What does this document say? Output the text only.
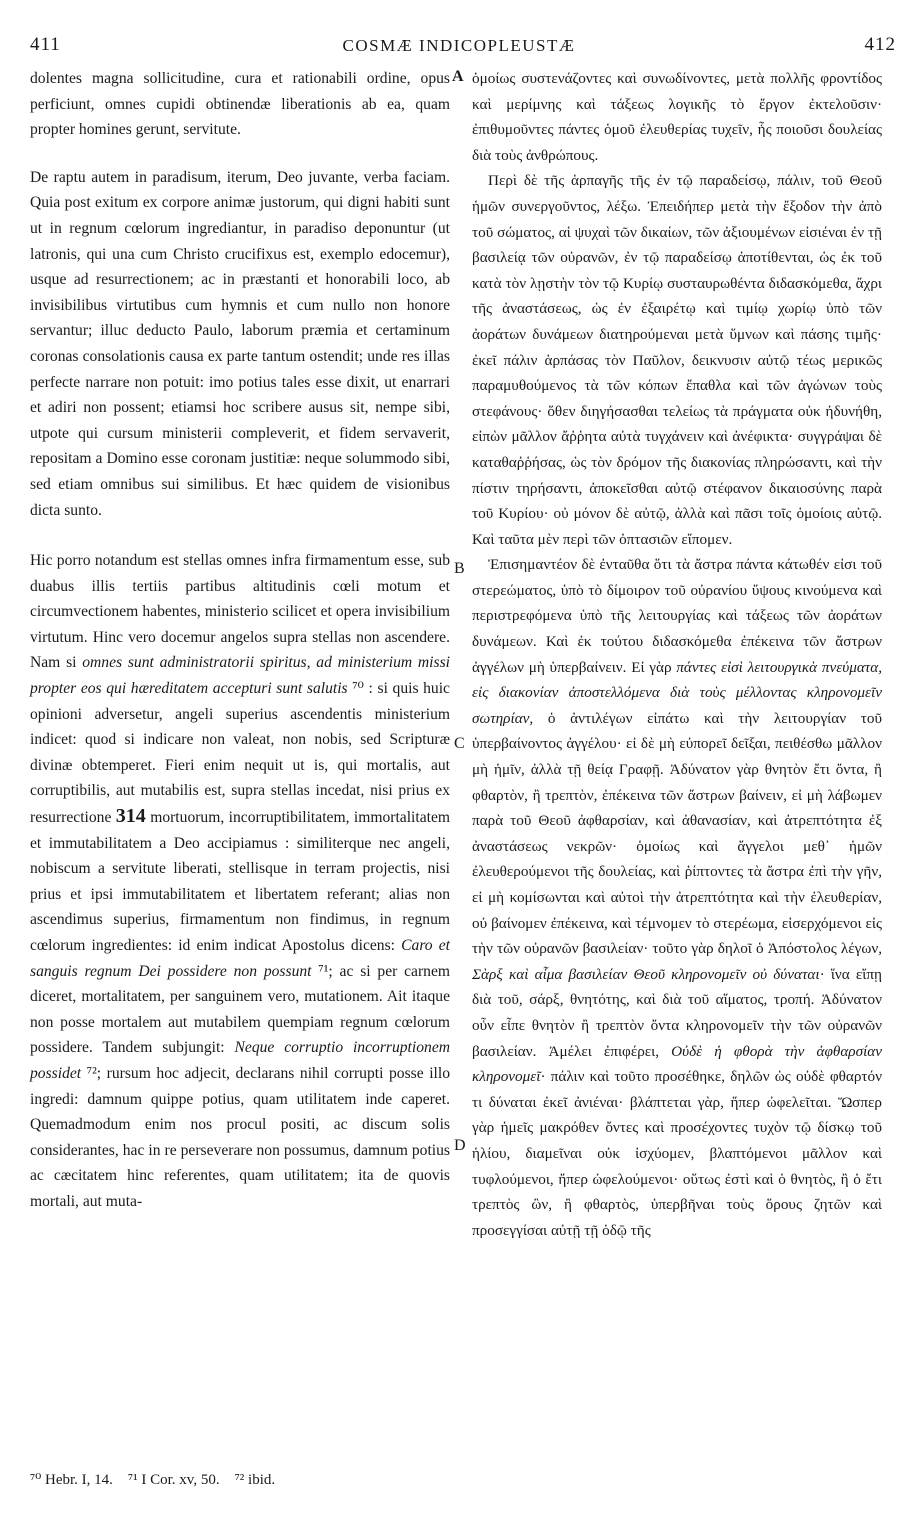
411	COSMÆ INDICOPLEUSTÆ	412

dolentes magna sollicitudine, cura et rationabili ordine, opus perficiunt, omnes cupidi obtinendæ liberationis ab ea, quam propter homines gerunt, servitute.

De raptu autem in paradisum, iterum, Deo juvante, verba faciam. Quia post exitum ex corpore animæ justorum, qui digni habiti sunt ut in regnum cœlorum ingrediantur, in paradiso deponuntur (ut latronis, qui una cum Christo crucifixus est, exemplo edocemur), usque ad resurrectionem; ac in præstanti et honorabili loco, ab invisibilibus virtutibus cum hymnis et cum nullo non honore servantur; illuc deducto Paulo, laborum præmia et certaminum coronas consolationis causa ex parte tantum ostendit; unde res illas perfecte narrare non potuit: imo potius tales esse dixit, ut enarrari et adiri non possent; etiamsi hoc scribere ausus sit, nempe sibi, utpote qui cursum ministerii compleverit, et fidem servaverit, repositam a Domino esse coronam justitiæ: neque solummodo sibi, sed etiam omnibus sui similibus. Et hæc quidem de visionibus dicta sunto.

Hic porro notandum est stellas omnes infra firmamentum esse, sub duabus illis tertiis partibus altitudinis cœli motum et circumvectionem habentes, ministerio scilicet et opera invisibilium virtutum. Hinc vero docemur angelos supra stellas non ascendere. Nam si omnes sunt administratorii spiritus, ad ministerium missi propter eos qui hæreditatem accepturi sunt salutis ⁷⁰ : si quis huic opinioni adversetur, angeli superius ascendentis ministerium indicet: quod si indicare non valeat, non nobis, sed Scripturæ divinæ obtemperet. Fieri enim nequit ut is, qui mortalis, aut corruptibilis, aut mutabilis est, supra stellas incedat, nisi prius ex resurrectione 314 mortuorum, incorruptibilitatem, immortalitatem et immutabilitatem a Deo accipiamus : similiterque nec angeli, nobiscum a servitute liberati, stellisque in terram projectis, nisi prius et ipsi immutabilitatem et libertatem referant; alias non ascendimus superius, firmamentum non findimus, in regnum cœlorum ingredientes: id enim indicat Apostolus dicens: Caro et sanguis regnum Dei possidere non possunt ⁷¹; ac si per carnem diceret, mortalitatem, per sanguinem vero, mutationem. Ait itaque non posse mortalem aut mutabilem quempiam regnum cœlorum possidere. Tandem subjungit: Neque corruptio incorruptionem possidet ⁷²; rursum hoc adjecit, declarans nihil corrupti posse illo ingredi: damnum quippe potius, quam utilitatem inde caperet. Quemadmodum enim nos procul positi, ac discum solis considerantes, hac in re perseverare non possumus, damnum potius ac cæcitatem hinc referentes, quam utilitatem; ita de quovis mortali, aut muta-

A
B
C
D

ὁμοίως συστενάζοντες καὶ συνωδίνοντες, μετὰ πολλῆς φροντίδος καὶ μερίμνης καὶ τάξεως λογικῆς τὸ ἔργον ἐκτελοῦσιν· ἐπιθυμοῦντες πάντες ὁμοῦ ἐλευθερίας τυχεῖν, ἧς ποιοῦσι δουλείας διὰ τοὺς ἀνθρώπους.

Περὶ δὲ τῆς ἁρπαγῆς τῆς ἐν τῷ παραδείσῳ, πάλιν, τοῦ Θεοῦ ἡμῶν συνεργοῦντος, λέξω. Ἐπειδήπερ μετὰ τὴν ἔξοδον τὴν ἀπὸ τοῦ σώματος, αἱ ψυχαὶ τῶν δικαίων, τῶν ἀξιουμένων εἰσιέναι ἐν τῇ βασιλείᾳ τῶν οὐρανῶν, ἐν τῷ παραδείσῳ ἀποτίθενται, ὡς ἐκ τοῦ κατὰ τὸν λῃστὴν τὸν τῷ Κυρίῳ συσταυρωθέντα διδασκόμεθα, ἄχρι τῆς ἀναστάσεως, ὡς ἐν ἐξαιρέτῳ καὶ τιμίῳ χωρίῳ ὑπὸ τῶν ἀοράτων δυνάμεων διατηρούμεναι μετὰ ὕμνων καὶ πάσης τιμῆς· ἐκεῖ πάλιν ἁρπάσας τὸν Παῦλον, δεικνυσιν αὐτῷ τέως μερικῶς παραμυθούμενος τὰ τῶν κόπων ἔπαθλα καὶ τῶν ἀγώνων τοὺς στεφάνους· ὅθεν διηγήσασθαι τελείως τὰ πράγματα οὐκ ἠδυνήθη, εἰπὼν μᾶλλον ἄῤῥητα αὐτὰ τυγχάνειν καὶ ἀνέφικτα· συγγράψαι δὲ καταθαῤῥήσας, ὡς τὸν δρόμον τῆς διακονίας πληρώσαντι, καὶ τὴν πίστιν τηρήσαντι, ἀποκεῖσθαι αὐτῷ στέφανον δικαιοσύνης παρὰ τοῦ Κυρίου· οὐ μόνον δὲ αὐτῷ, ἀλλὰ καὶ πᾶσι τοῖς ὁμοίοις αὐτῷ. Καὶ ταῦτα μὲν περὶ τῶν ὀπτασιῶν εἴπομεν.

Ἐπισημαντέον δὲ ἐνταῦθα ὅτι τὰ ἄστρα πάντα κάτωθέν εἰσι τοῦ στερεώματος, ὑπὸ τὸ δίμοιρον τοῦ οὐρανίου ὕψους κινούμενα καὶ περιστρεφόμενα ὑπὸ τῆς λειτουργίας καὶ τάξεως τῶν ἀοράτων δυνάμεων. Καὶ ἐκ τούτου διδασκόμεθα ἐπέκεινα τῶν ἄστρων ἀγγέλων μὴ ὑπερβαίνειν. Εἰ γὰρ πάντες εἰσὶ λειτουργικὰ πνεύματα, εἰς διακονίαν ἀποστελλόμενα διὰ τοὺς μέλλοντας κληρονομεῖν σωτηρίαν, ὁ ἀντιλέγων εἰπάτω καὶ τὴν λειτουργίαν τοῦ ὑπερβαίνοντος ἀγγέλου· εἰ δὲ μὴ εὐπορεῖ δεῖξαι, πειθέσθω μᾶλλον μὴ ἡμῖν, ἀλλὰ τῇ θείᾳ Γραφῇ. Ἀδύνατον γὰρ θνητὸν ἔτι ὄντα, ἢ φθαρτὸν, ἢ τρεπτὸν, ἐπέκεινα τῶν ἄστρων βαίνειν, εἰ μὴ λάβωμεν παρὰ τοῦ Θεοῦ ἀφθαρσίαν, καὶ ἀθανασίαν, καὶ ἀτρεπτότητα ἐξ ἀναστάσεως νεκρῶν· ὁμοίως καὶ ἄγγελοι μεθ᾽ ἡμῶν ἐλευθερούμενοι τῆς δουλείας, καὶ ῥίπτοντες τὰ ἄστρα ἐπὶ τὴν γῆν, εἰ μὴ κομίσωνται καὶ αὐτοὶ τὴν ἀτρεπτότητα καὶ τὴν ἐλευθερίαν, οὐ βαίνομεν ἐπέκεινα, καὶ τέμνομεν τὸ στερέωμα, εἰσερχόμενοι εἰς τὴν τῶν οὐρανῶν βασιλείαν· τοῦτο γὰρ δηλοῖ ὁ Ἀπόστολος λέγων, Σὰρξ καὶ αἷμα βασιλείαν Θεοῦ κληρονομεῖν οὐ δύναται· ἵνα εἴπῃ διὰ τοῦ, σάρξ, θνητότης, καὶ διὰ τοῦ αἵματος, τροπή. Ἀδύνατον οὖν εἶπε θνητὸν ἢ τρεπτὸν ὄντα κληρονομεῖν τὴν τῶν οὐρανῶν βασιλείαν. Ἀμέλει ἐπιφέρει, Οὐδὲ ἡ φθορὰ τὴν ἀφθαρσίαν κληρονομεῖ· πάλιν καὶ τοῦτο προσέθηκε, δηλῶν ὡς οὐδὲ φθαρτόν τι δύναται ἐκεῖ ἀνιέναι· βλάπτεται γὰρ, ἤπερ ὠφελεῖται. Ὥσπερ γὰρ ἡμεῖς μακρόθεν ὄντες καὶ προσέχοντες τυχὸν τῷ δίσκῳ τοῦ ἡλίου, διαμεῖναι οὐκ ἰσχύομεν, βλαπτόμενοι μᾶλλον καὶ τυφλούμενοι, ἤπερ ὠφελούμενοι· οὕτως ἐστὶ καὶ ὁ θνητὸς, ἢ ὁ ἔτι τρεπτὸς ὢν, ἢ φθαρτὸς, ὑπερβῆναι τοὺς ὅρους ζητῶν καὶ προσεγγίσαι αὐτῇ τῇ ὁδῷ τῆς

⁷⁰ Hebr. I, 14.    ⁷¹ I Cor. xv, 50.    ⁷² ibid.
